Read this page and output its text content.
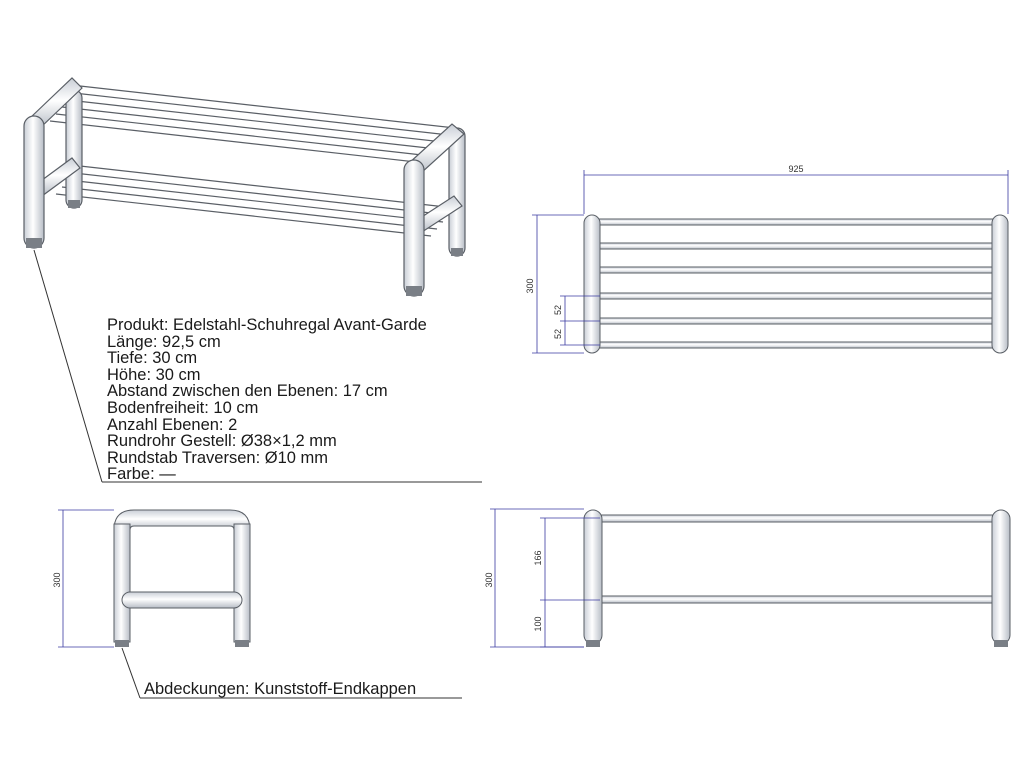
925
300
52
52
300	300
166
100
Produkt: Edelstahl-Schuhregal Avant-Garde
Länge: 92,5 cm
Tiefe: 30 cm
Höhe: 30 cm
Abstand zwischen den Ebenen: 17 cm
Bodenfreiheit: 10 cm
Anzahl Ebenen: 2
Rundrohr Gestell: Ø38×1,2 mm
Rundstab Traversen: Ø10 mm
Farbe: —
Abdeckungen: Kunststoff-Endkappen
